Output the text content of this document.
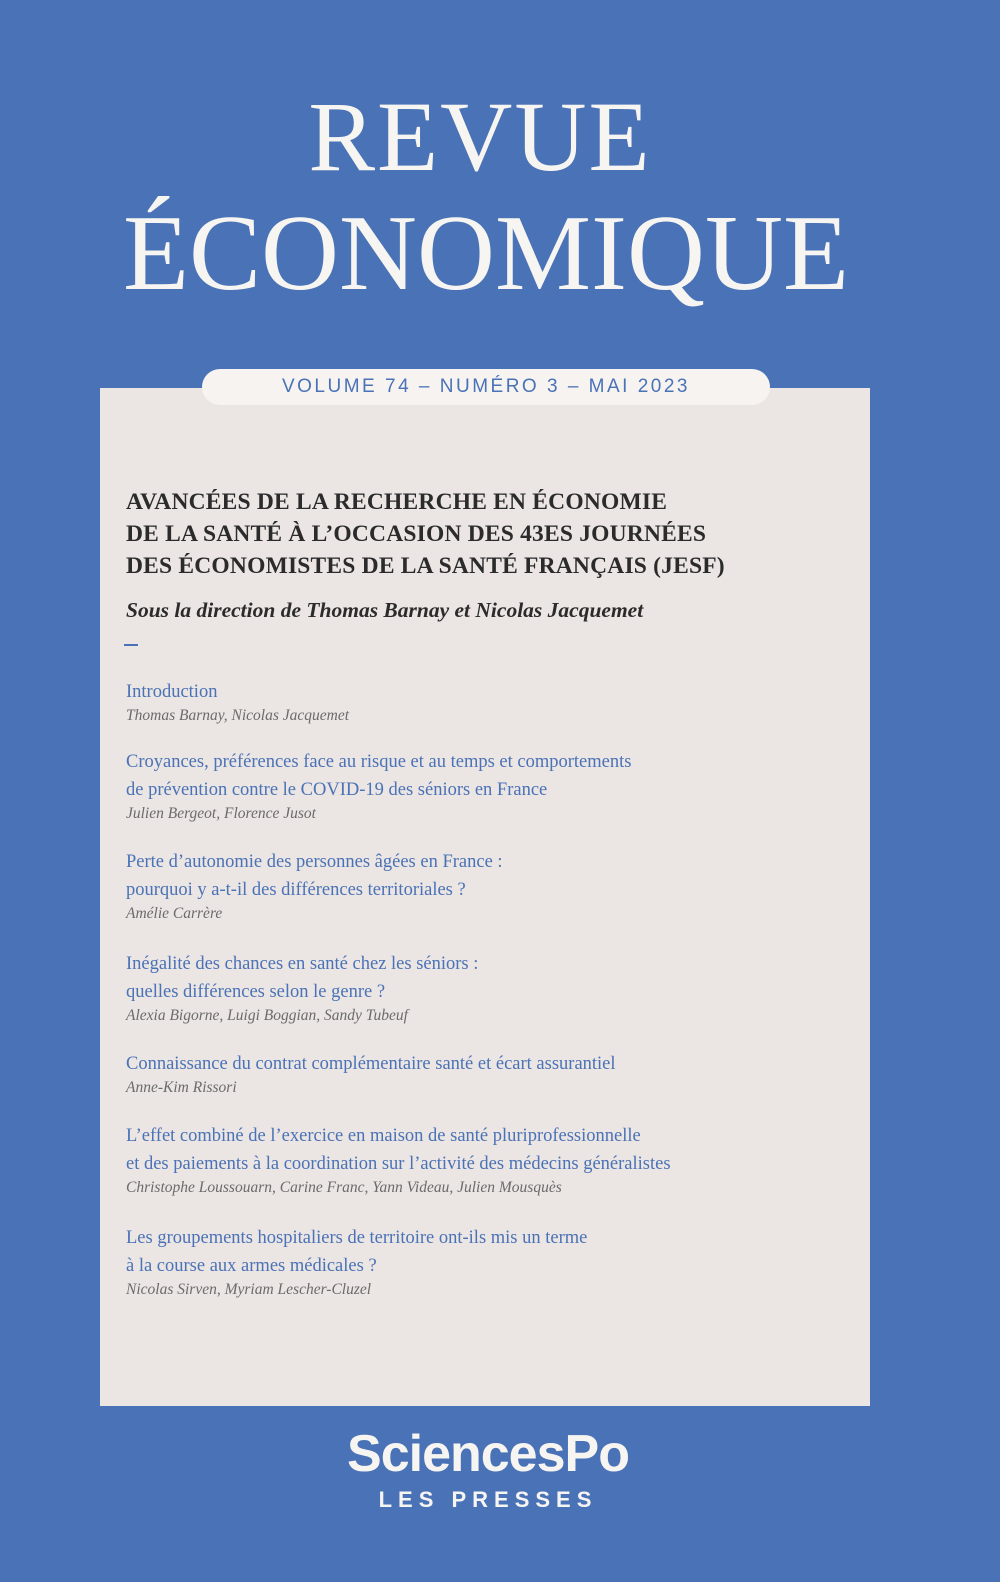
REVUE
ÉCONOMIQUE
VOLUME 74 – NUMÉRO 3 – MAI 2023
AVANCÉES DE LA RECHERCHE EN ÉCONOMIE
DE LA SANTÉ À L’OCCASION DES 43ES JOURNÉES
DES ÉCONOMISTES DE LA SANTÉ FRANÇAIS (JESF)
Sous la direction de Thomas Barnay et Nicolas Jacquemet
Introduction
Thomas Barnay, Nicolas Jacquemet
Croyances, préférences face au risque et au temps et comportements
de prévention contre le COVID-19 des séniors en France
Julien Bergeot, Florence Jusot
Perte d’autonomie des personnes âgées en France :
pourquoi y a-t-il des différences territoriales ?
Amélie Carrère
Inégalité des chances en santé chez les séniors :
quelles différences selon le genre ?
Alexia Bigorne, Luigi Boggian, Sandy Tubeuf
Connaissance du contrat complémentaire santé et écart assurantiel
Anne-Kim Rissori
L’effet combiné de l’exercice en maison de santé pluriprofessionnelle
et des paiements à la coordination sur l’activité des médecins généralistes
Christophe Loussouarn, Carine Franc, Yann Videau, Julien Mousquès
Les groupements hospitaliers de territoire ont-ils mis un terme
à la course aux armes médicales ?
Nicolas Sirven, Myriam Lescher-Cluzel
SciencesPo
LES PRESSES
